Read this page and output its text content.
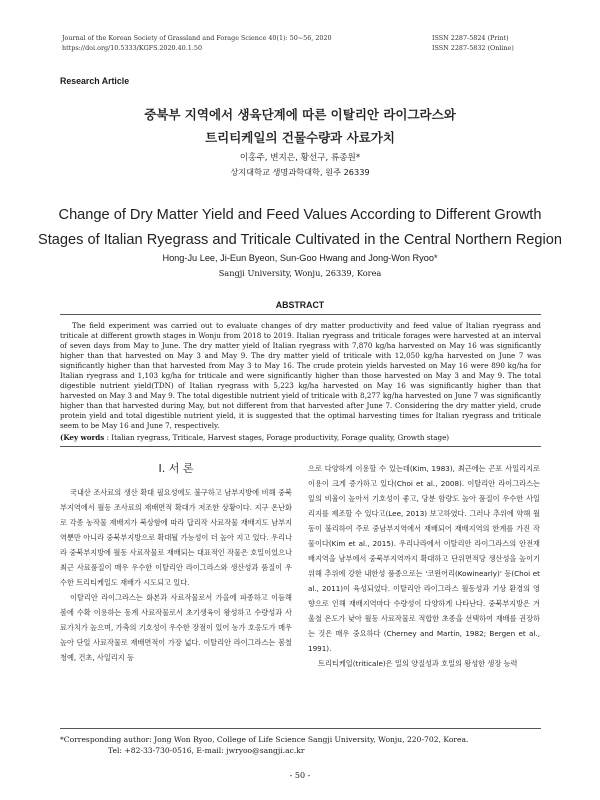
Journal of the Korean Society of Grassland and Forage Science 40(1): 50~56, 2020
https://doi.org/10.5333/KGFS.2020.40.1.50
ISSN 2287-5824 (Print)
ISSN 2287-5832 (Online)
Research Article
중북부 지역에서 생육단계에 따른 이탈리안 라이그라스와
트리티케일의 건물수량과 사료가치
이홍주, 변지은, 황선구, 류종원*
상지대학교 생명과학대학, 원주 26339
Change of Dry Matter Yield and Feed Values According to Different Growth
Stages of Italian Ryegrass and Triticale Cultivated in the Central Northern Region
Hong-Ju Lee, Ji-Eun Byeon, Sun-Goo Hwang and Jong-Won Ryoo*
Sangji University, Wonju, 26339, Korea
ABSTRACT

The field experiment was carried out to evaluate changes of dry matter productivity and feed value of Italian ryegrass and triticale at different growth stages in Wonju from 2018 to 2019. Italian ryegrass and triticale forages were harvested at an interval of seven days from May to June. The dry matter yield of Italian ryegrass with 7,870 kg/ha harvested on May 16 was significantly higher than that harvested on May 3 and May 9. The dry matter yield of triticale with 12,050 kg/ha harvested on June 7 was significantly higher than that harvested from May 3 to May 16. The crude protein yields harvested on May 16 were 890 kg/ha for Italian ryegrass and 1,103 kg/ha for triticale and were significantly higher than those harvested on May 3 and May 9. The total digestible nutrient yield(TDN) of Italian ryegrass with 5,223 kg/ha harvested on May 16 was significantly higher than that harvested on May 3 and May 9. The total digestible nutrient yield of triticale with 8,277 kg/ha harvested on June 7 was significantly higher than that harvested during May, but not different from that harvested after June 7. Considering the dry matter yield, crude protein yield and total digestible nutrient yield, it is suggested that the optimal harvesting times for Italian ryegrass and triticale seem to be May 16 and June 7, respectively.

(Key words : Italian ryegrass, Triticale, Harvest stages, Forage productivity, Forage quality, Growth stage)

Ⅰ. 서 론

국내산 조사료의 생산 확대 필요성에도 불구하고 남부지방에 비해 중북부지역에서 월동 조사료의 재배면적 확대가 저조한 상황이다. 지구 온난화로 각종 농작물 재배지가 북상함에 따라 답리작 사료작물 재배지도 남부지역뿐만 아니라 중북부지방으로 확대될 가능성이 더 높아 지고 있다. 우리나라 중북부지방에 월동 사료작물로 재배되는 대표적인 작물은 호밀이었으나 최근 사료품질이 매우 우수한 이탈리안 라이그라스와 생산성과 품질이 우수한 트리티케일도 재배가 시도되고 있다.

이탈리안 라이그라스는 화본과 사료작물로서 가을에 파종하고 이듬해 봄에 수확 이용하는 동계 사료작물로서 초기생육이 왕성하고 수량성과 사료가치가 높으며, 가축의 기호성이 우수한 장점이 있어 농가 호응도가 매우 높아 단일 사료작물로 재배면적이 가장 넓다. 이탈리안 라이그라스는 봄철 청예, 건초, 사일리지 등

으로 다양하게 이용할 수 있는데(Kim, 1983), 최근에는 곤포 사일리지로 이용이 크게 증가하고 있다(Choi et al., 2008). 이탈리안 라이그라스는 잎의 비율이 높아서 기호성이 좋고, 당분 함량도 높아 품질이 우수한 사일리지를 제조할 수 있다고(Lee, 2013) 보고하였다. 그러나 추위에 약해 월동이 불리하여 주로 중남부지역에서 재배되어 재배지역의 한계를 가진 작물이다(Kim et al., 2015). 우리나라에서 이탈리안 라이그라스의 안전재배지역을 남부에서 중북부지역까지 확대하고 단위면적당 생산성을 높이기 위해 추위에 강한 내한성 품종으로는 '코윈어리(Kowinearly)' 등(Choi et al., 2011)이 육성되었다. 이탈리안 라이그라스 월동성과 기상 환경의 영향으로 인해 재배지역마다 수량성이 다양하게 나타난다. 중북부지방은 겨울철 온도가 낮아 월동 사료작물로 적합한 초종을 선택하여 재배를 권장하는 것은 매우 중요하다 (Cherney and Martin, 1982; Bergen et al., 1991).

트리티케일(triticale)은 밀의 양질성과 호밀의 왕성한 생장 능력

*Corresponding author: Jong Won Ryoo, College of Life Science Sangji University, Wonju, 220-702, Korea.
Tel: +82-33-730-0516, E-mail: jwryoo@sangji.ac.kr
- 50 -
